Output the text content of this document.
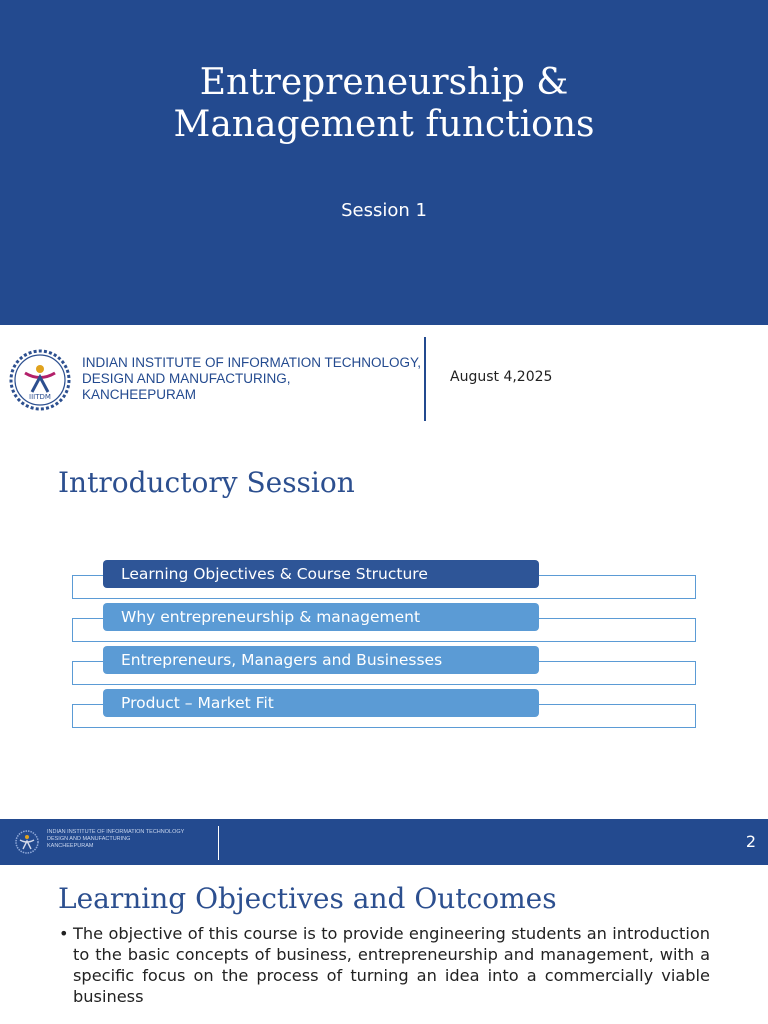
Entrepreneurship &
Management functions
Session 1
IIITDM
INDIAN INSTITUTE OF INFORMATION TECHNOLOGY,
DESIGN AND MANUFACTURING,
KANCHEEPURAM
August 4,2025
Introductory Session
Learning Objectives & Course Structure
Why entrepreneurship & management
Entrepreneurs, Managers and Businesses
Product – Market Fit
INDIAN INSTITUTE OF INFORMATION TECHNOLOGY
DESIGN AND MANUFACTURING
KANCHEEPURAM	2
Learning Objectives and Outcomes
• The objective of this course is to provide engineering students an introduction to the basic concepts of business, entrepreneurship and management, with a specific focus on the process of turning an idea into a commercially viable business
